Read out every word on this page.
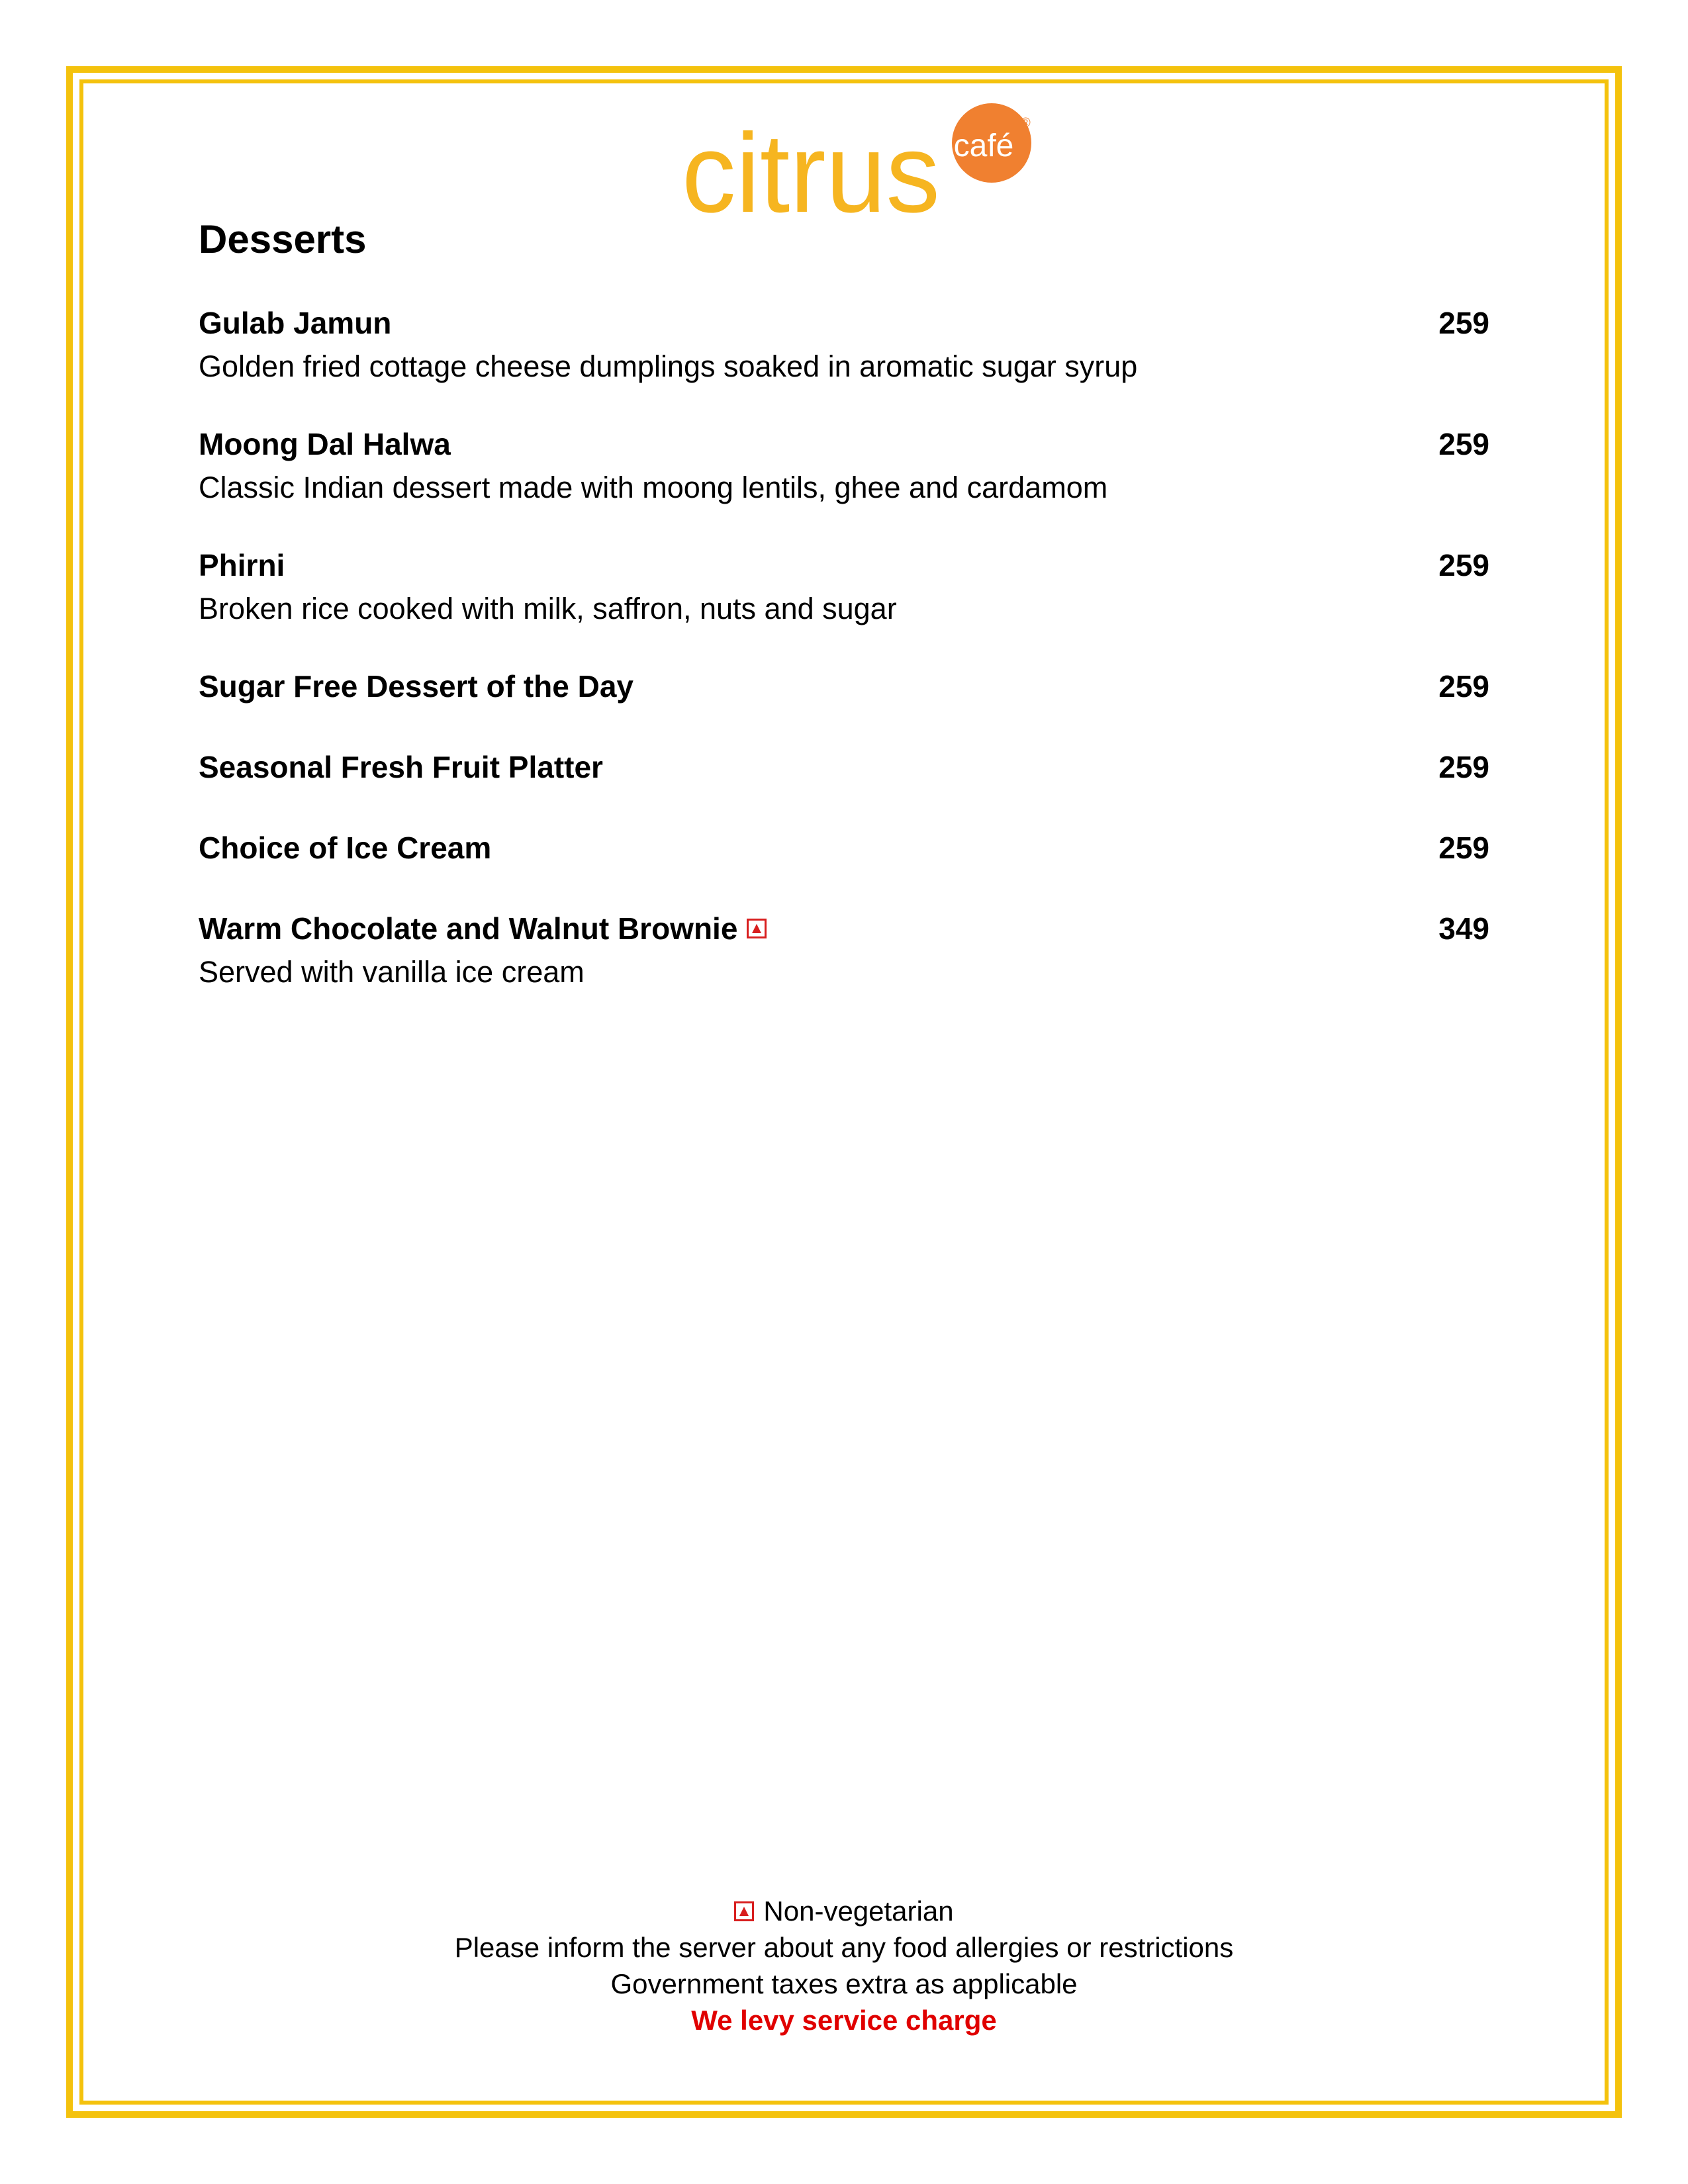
café
®
citrus
Desserts
Gulab Jamun	259
Golden fried cottage cheese dumplings soaked in aromatic sugar syrup
Moong Dal Halwa	259
Classic Indian dessert made with moong lentils, ghee and cardamom
Phirni	259
Broken rice cooked with milk, saffron, nuts and sugar
Sugar Free Dessert of the Day	259
Seasonal Fresh Fruit Platter	259
Choice of Ice Cream	259
Warm Chocolate and Walnut Brownie	349
Served with vanilla ice cream
Non-vegetarian
Please inform the server about any food allergies or restrictions
Government taxes extra as applicable
We levy service charge
